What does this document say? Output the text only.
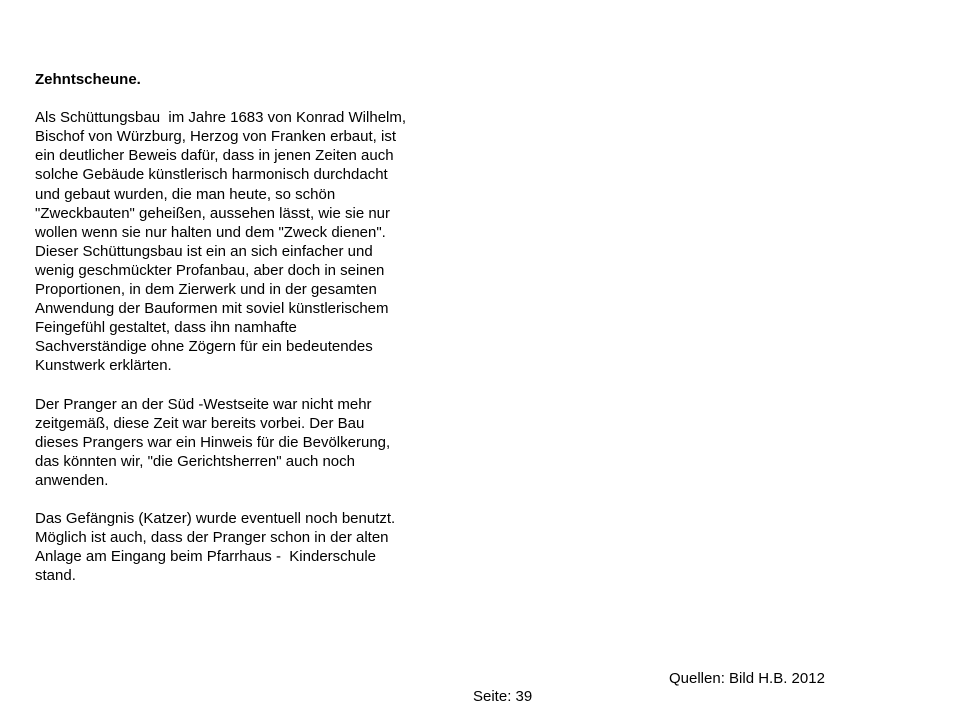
Zehntscheune.
Als Schüttungsbau  im Jahre 1683 von Konrad Wilhelm,
Bischof von Würzburg, Herzog von Franken erbaut, ist
ein deutlicher Beweis dafür, dass in jenen Zeiten auch
solche Gebäude künstlerisch harmonisch durchdacht
und gebaut wurden, die man heute, so schön
"Zweckbauten" geheißen, aussehen lässt, wie sie nur
wollen wenn sie nur halten und dem "Zweck dienen".
Dieser Schüttungsbau ist ein an sich einfacher und
wenig geschmückter Profanbau, aber doch in seinen
Proportionen, in dem Zierwerk und in der gesamten
Anwendung der Bauformen mit soviel künstlerischem
Feingefühl gestaltet, dass ihn namhafte
Sachverständige ohne Zögern für ein bedeutendes
Kunstwerk erklärten.
Der Pranger an der Süd -Westseite war nicht mehr
zeitgemäß, diese Zeit war bereits vorbei. Der Bau
dieses Prangers war ein Hinweis für die Bevölkerung,
das könnten wir, "die Gerichtsherren" auch noch
anwenden.
Das Gefängnis (Katzer) wurde eventuell noch benutzt.
Möglich ist auch, dass der Pranger schon in der alten
Anlage am Eingang beim Pfarrhaus -  Kinderschule
stand.
Quellen: Bild H.B. 2012
Seite: 39
